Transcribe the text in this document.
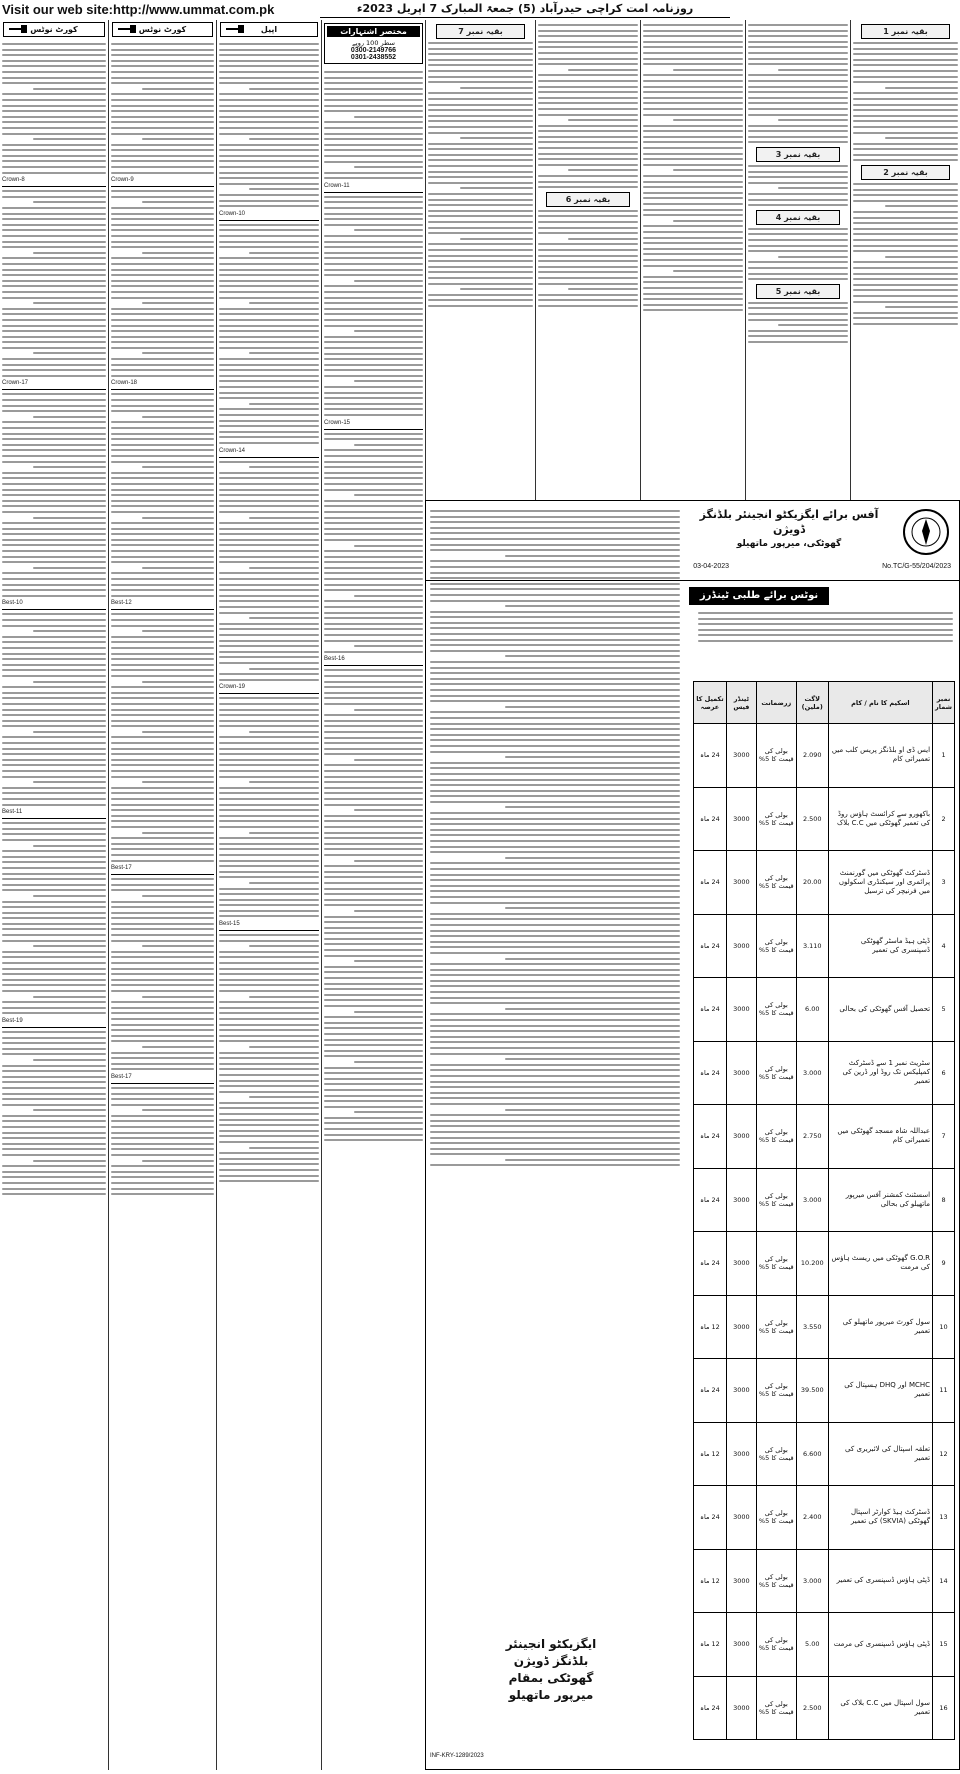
Visit our web site:http://www.ummat.com.pk	روزنامہ امت کراچی حیدرآباد (5) جمعۃ المبارک 7 اپریل 2023ء
کورٹ نوٹس
Crown-8
Crown-17
Best-10
Best-11
Best-19
کورٹ نوٹس
Crown-9
Crown-18
Best-12
Best-17
Best-17
اپیل
Crown-10
Crown-14
Crown-19
Best-15
مختصر اشتہارات
سطر 100 روپے
0300-2149766
0301-2438552
Crown-11
Crown-15
Best-16
بقیہ نمبر 7
بقیہ نمبر 6
بقیہ نمبر 3
بقیہ نمبر 4
بقیہ نمبر 5
بقیہ نمبر 1
بقیہ نمبر 2
آفس برائے ایگزیکٹو انجینئر بلڈنگز ڈویژن
گھوٹکی، میرپور ماتھیلو
No.TC/G-55/204/2023
03-04-2023
نوٹس برائے طلبی ٹینڈرز
نمبر شمار	اسکیم کا نام / کام	لاگت (ملین)	زرضمانت	ٹینڈر فیس	تکمیل کا عرصہ
1	ایس ڈی او بلڈنگز پریس کلب میں تعمیراتی کام	2.090	بولی کی قیمت کا 5%	3000	24 ماہ
2	باکھورو سے کرائسٹ ہاؤس روڈ کی تعمیر گھوٹکی میں C.C بلاک	2.500	بولی کی قیمت کا 5%	3000	24 ماہ
3	ڈسٹرکٹ گھوٹکی میں گورنمنٹ پرائمری اور سیکنڈری اسکولوں میں فرنیچر کی ترسیل	20.00	بولی کی قیمت کا 5%	3000	24 ماہ
4	ڈپٹی ہیڈ ماسٹر گھوٹکی ڈسپنسری کی تعمیر	3.110	بولی کی قیمت کا 5%	3000	24 ماہ
5	تحصیل آفس گھوٹکی کی بحالی	6.00	بولی کی قیمت کا 5%	3000	24 ماہ
6	سٹریٹ نمبر 1 سے ڈسٹرکٹ کمپلیکس تک روڈ اور ڈرین کی تعمیر	3.000	بولی کی قیمت کا 5%	3000	24 ماہ
7	عبداللہ شاہ مسجد گھوٹکی میں تعمیراتی کام	2.750	بولی کی قیمت کا 5%	3000	24 ماہ
8	اسسٹنٹ کمشنر آفس میرپور ماتھیلو کی بحالی	3.000	بولی کی قیمت کا 5%	3000	24 ماہ
9	G.O.R گھوٹکی میں ریسٹ ہاؤس کی مرمت	10.200	بولی کی قیمت کا 5%	3000	24 ماہ
10	سول کورٹ میرپور ماتھیلو کی تعمیر	3.550	بولی کی قیمت کا 5%	3000	12 ماہ
11	MCHC اور DHQ ہسپتال کی تعمیر	39.500	بولی کی قیمت کا 5%	3000	24 ماہ
12	تعلقہ اسپتال کی لائبریری کی تعمیر	6.600	بولی کی قیمت کا 5%	3000	12 ماہ
13	ڈسٹرکٹ ہیڈ کوارٹر اسپتال گھوٹکی (SKVIA) کی تعمیر	2.400	بولی کی قیمت کا 5%	3000	24 ماہ
14	ڈپٹی ہاؤس ڈسپنسری کی تعمیر	3.000	بولی کی قیمت کا 5%	3000	12 ماہ
15	ڈپٹی ہاؤس ڈسپنسری کی مرمت	5.00	بولی کی قیمت کا 5%	3000	12 ماہ
16	سول اسپتال میں C.C بلاک کی تعمیر	2.500	بولی کی قیمت کا 5%	3000	24 ماہ
ایگزیکٹو انجینئر
بلڈنگز ڈویژن
گھوٹکی بمقام
میرپور ماتھیلو
INF-KRY-1289/2023
